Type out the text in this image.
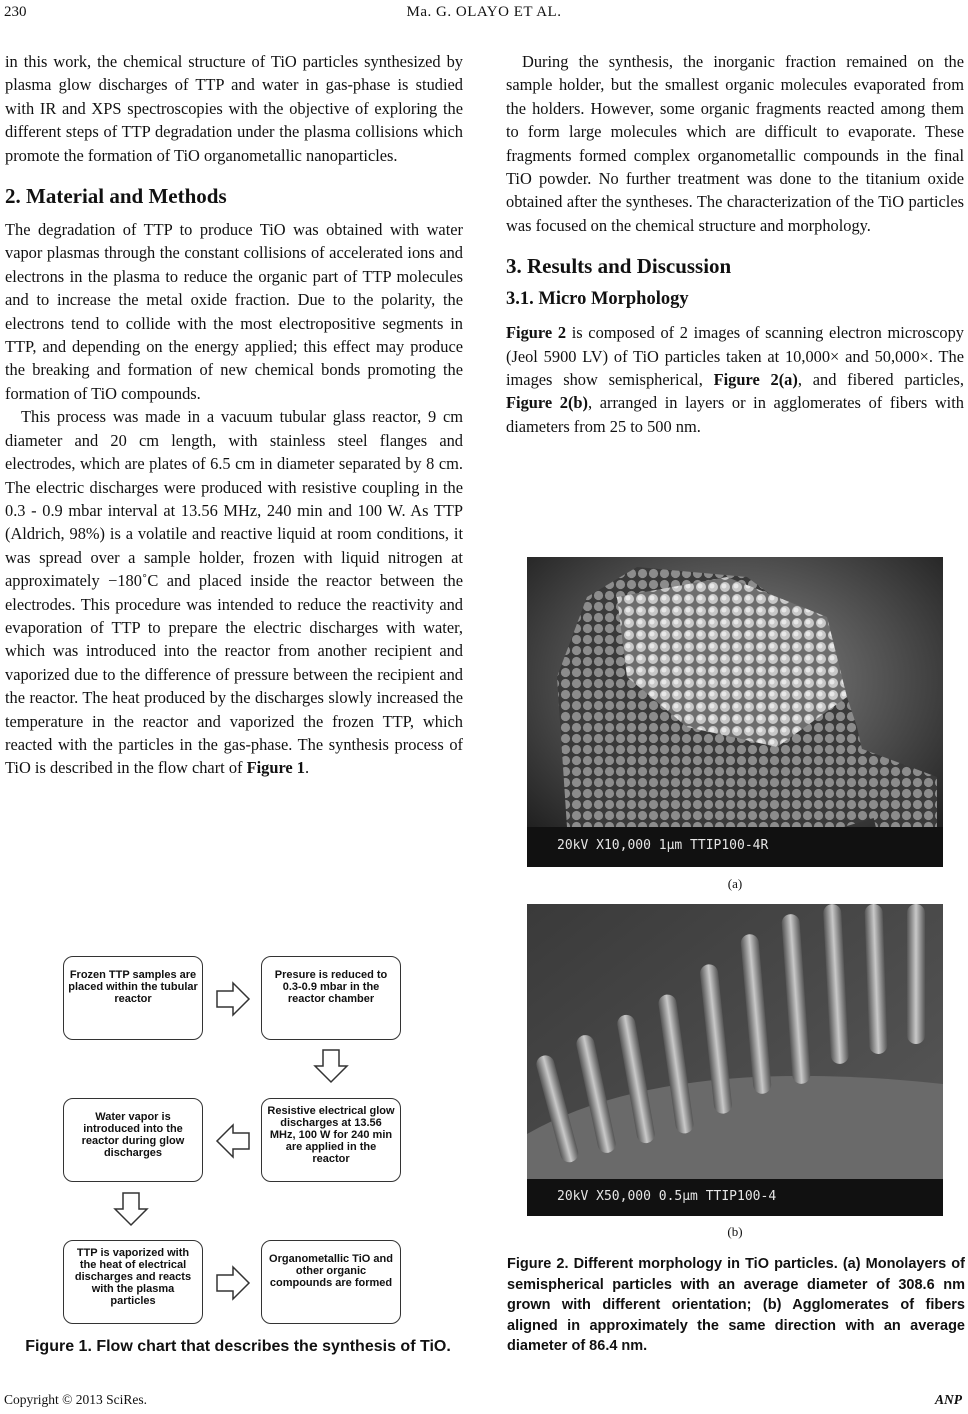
230	Ma. G. OLAYO ET AL.

in this work, the chemical structure of TiO particles synthesized by plasma glow discharges of TTP and water in gas-phase is studied with IR and XPS spectroscopies with the objective of exploring the different steps of TTP degradation under the plasma collisions which promote the formation of TiO organometallic nanoparticles.

2. Material and Methods

The degradation of TTP to produce TiO was obtained with water vapor plasmas through the constant collisions of accelerated ions and electrons in the plasma to reduce the organic part of TTP molecules and to increase the metal oxide fraction. Due to the polarity, the electrons tend to collide with the most electropositive segments in TTP, and depending on the energy applied; this effect may produce the breaking and formation of new chemical bonds promoting the formation of TiO compounds.

This process was made in a vacuum tubular glass reactor, 9 cm diameter and 20 cm length, with stainless steel flanges and electrodes, which are plates of 6.5 cm in diameter separated by 8 cm. The electric discharges were produced with resistive coupling in the 0.3 - 0.9 mbar interval at 13.56 MHz, 240 min and 100 W. As TTP (Aldrich, 98%) is a volatile and reactive liquid at room conditions, it was spread over a sample holder, frozen with liquid nitrogen at approximately −180˚C and placed inside the reactor between the electrodes. This procedure was intended to reduce the reactivity and evaporation of TTP to prepare the electric discharges with water, which was introduced into the reactor from another recipient and vaporized due to the difference of pressure between the recipient and the reactor. The heat produced by the discharges slowly increased the temperature in the reactor and vaporized the frozen TTP, which reacted with the particles in the gas-phase. The synthesis process of TiO is described in the flow chart of Figure 1.

Frozen TTP samples are placed within the tubular reactor
Presure is reduced to 0.3-0.9 mbar in the reactor chamber
Water vapor is introduced into the reactor during glow discharges
Resistive electrical glow discharges at 13.56 MHz, 100 W for 240 min are applied in the reactor
TTP is vaporized with the heat of electrical discharges and reacts with the plasma particles
Organometallic TiO and other organic compounds are formed
Figure 1. Flow chart that describes the synthesis of TiO.

During the synthesis, the inorganic fraction remained on the sample holder, but the smallest organic molecules evaporated from the holders. However, some organic fragments reacted among them to form large molecules which are difficult to evaporate. These fragments formed complex organometallic compounds in the final TiO powder. No further treatment was done to the titanium oxide obtained after the syntheses. The characterization of the TiO particles was focused on the chemical structure and morphology.

3. Results and Discussion
3.1. Micro Morphology

Figure 2 is composed of 2 images of scanning electron microscopy (Jeol 5900 LV) of TiO particles taken at 10,000× and 50,000×. The images show semispherical, Figure 2(a), and fibered particles, Figure 2(b), arranged in layers or in agglomerates of fibers with diameters from 25 to 500 nm.

20kV X10,000 1μm TTIP100-4R
(a)
20kV X50,000 0.5μm TTIP100-4
(b)
Figure 2. Different morphology in TiO particles. (a) Monolayers of semispherical particles with an average diameter of 308.6 nm grown with different orientation; (b) Agglomerates of fibers aligned in approximately the same direction with an average diameter of 86.4 nm.
Copyright © 2013 SciRes.	ANP
